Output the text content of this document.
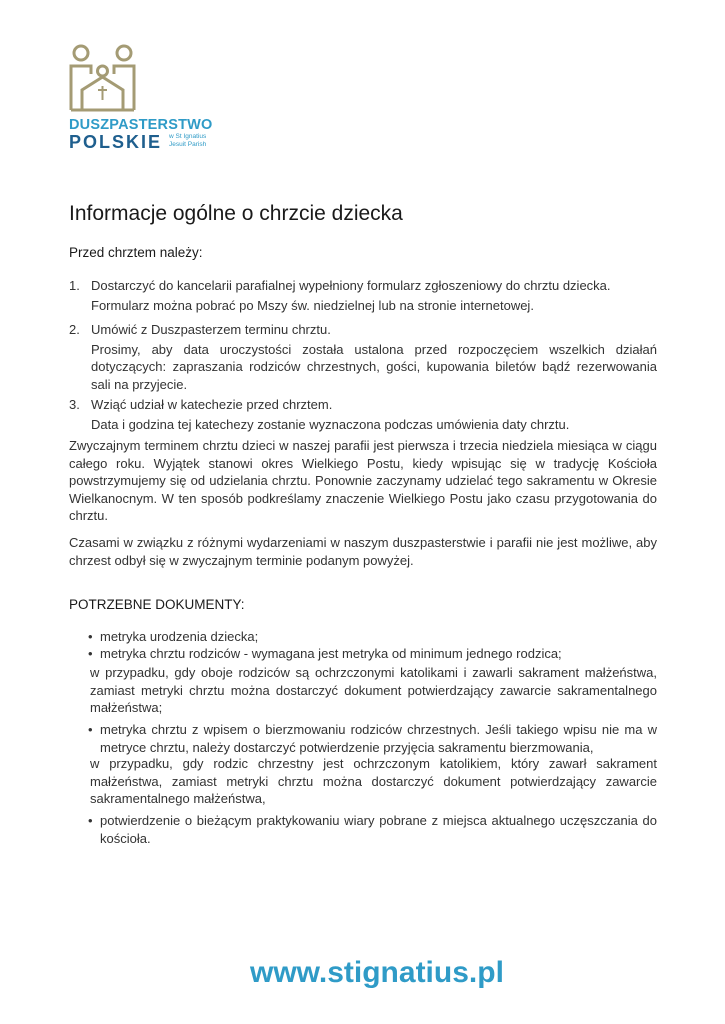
DUSZPASTERSTWO
POLSKIE w St Ignatius
Jesuit Parish
Informacje ogólne o chrzcie dziecka
Przed chrztem należy:
1. Dostarczyć do kancelarii parafialnej wypełniony formularz zgłoszeniowy do chrztu dziecka.

Formularz można pobrać po Mszy św. niedzielnej lub na stronie internetowej.

2. Umówić z Duszpasterzem terminu chrztu.

Prosimy, aby data uroczystości została ustalona przed rozpoczęciem wszelkich działań dotyczących: zapraszania rodziców chrzestnych, gości, kupowania biletów bądź rezerwowania sali na przyjecie.

3. Wziąć udział w katechezie przed chrztem.

Data i godzina tej katechezy zostanie wyznaczona podczas umówienia daty chrztu.

Zwyczajnym terminem chrztu dzieci w naszej parafii jest pierwsza i trzecia niedziela miesiąca w ciągu całego roku. Wyjątek stanowi okres Wielkiego Postu, kiedy wpisując się w tradycję Kościoła powstrzymujemy się od udzielania chrztu. Ponownie zaczynamy udzielać tego sakramentu w Okresie Wielkanocnym. W ten sposób podkreślamy znaczenie Wielkiego Postu jako czasu przygotowania do chrztu.

Czasami w związku z różnymi wydarzeniami w naszym duszpasterstwie i parafii nie jest możliwe, aby chrzest odbył się w zwyczajnym terminie podanym powyżej.

POTRZEBNE DOKUMENTY:
• metryka urodzenia dziecka;
• metryka chrztu rodziców - wymagana jest metryka od minimum jednego rodzica;

w przypadku, gdy oboje rodziców są ochrzczonymi katolikami i zawarli sakrament małżeństwa, zamiast metryki chrztu można dostarczyć dokument potwierdzający zawarcie sakramentalnego małżeństwa;

• metryka chrztu z wpisem o bierzmowaniu rodziców chrzestnych. Jeśli takiego wpisu nie ma w metryce chrztu, należy dostarczyć potwierdzenie przyjęcia sakramentu bierzmowania,

w przypadku, gdy rodzic chrzestny jest ochrzczonym katolikiem, który zawarł sakrament małżeństwa, zamiast metryki chrztu można dostarczyć dokument potwierdzający zawarcie sakramentalnego małżeństwa,

• potwierdzenie o bieżącym praktykowaniu wiary pobrane z miejsca aktualnego uczęszczania do kościoła.
www.stignatius.pl
